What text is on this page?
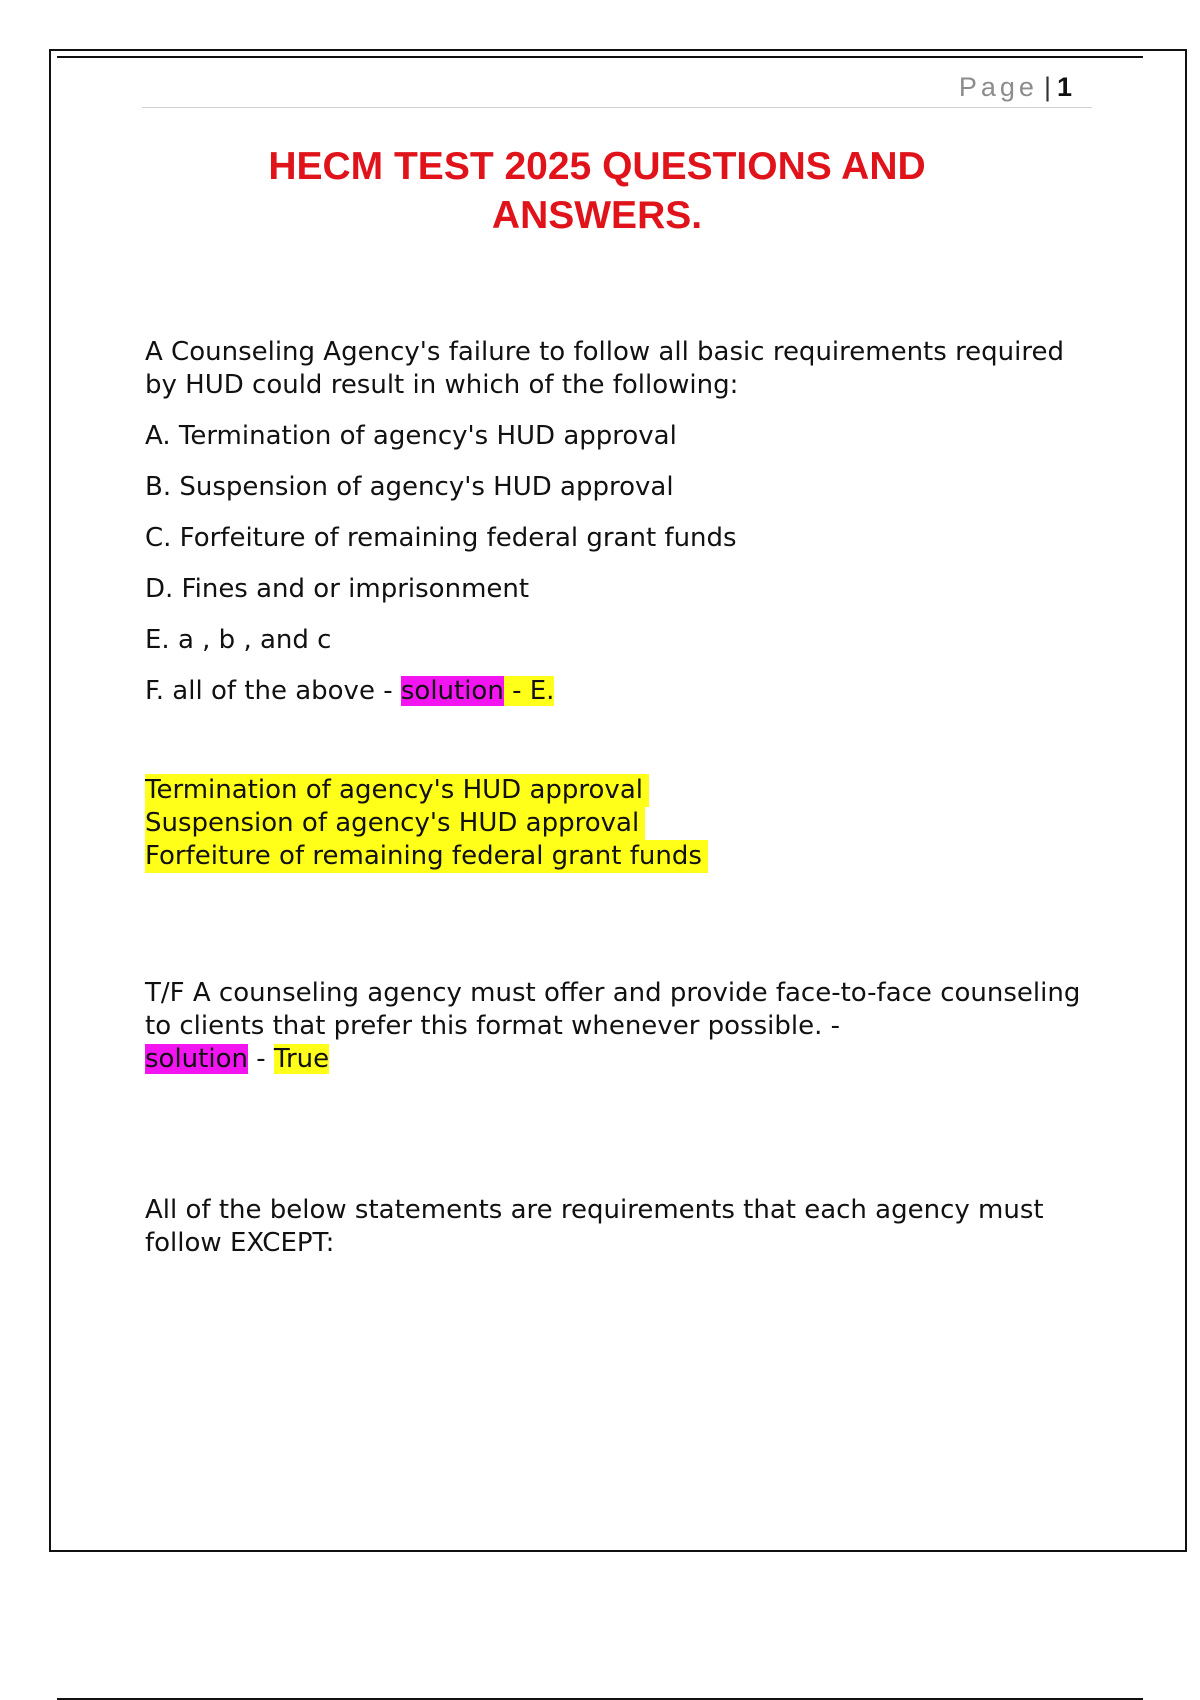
Page | 1
HECM TEST 2025 QUESTIONS AND
ANSWERS.

A Counseling Agency's failure to follow all basic requirements required by HUD could result in which of the following:

A. Termination of agency's HUD approval

B. Suspension of agency's HUD approval

C. Forfeiture of remaining federal grant funds

D. Fines and or imprisonment

E. a , b , and c

F. all of the above - solution - E.

Termination of agency's HUD approval
Suspension of agency's HUD approval
Forfeiture of remaining federal grant funds

T/F A counseling agency must offer and provide face-to-face counseling to clients that prefer this format whenever possible. -

solution - True

All of the below statements are requirements that each agency must follow EXCEPT:
